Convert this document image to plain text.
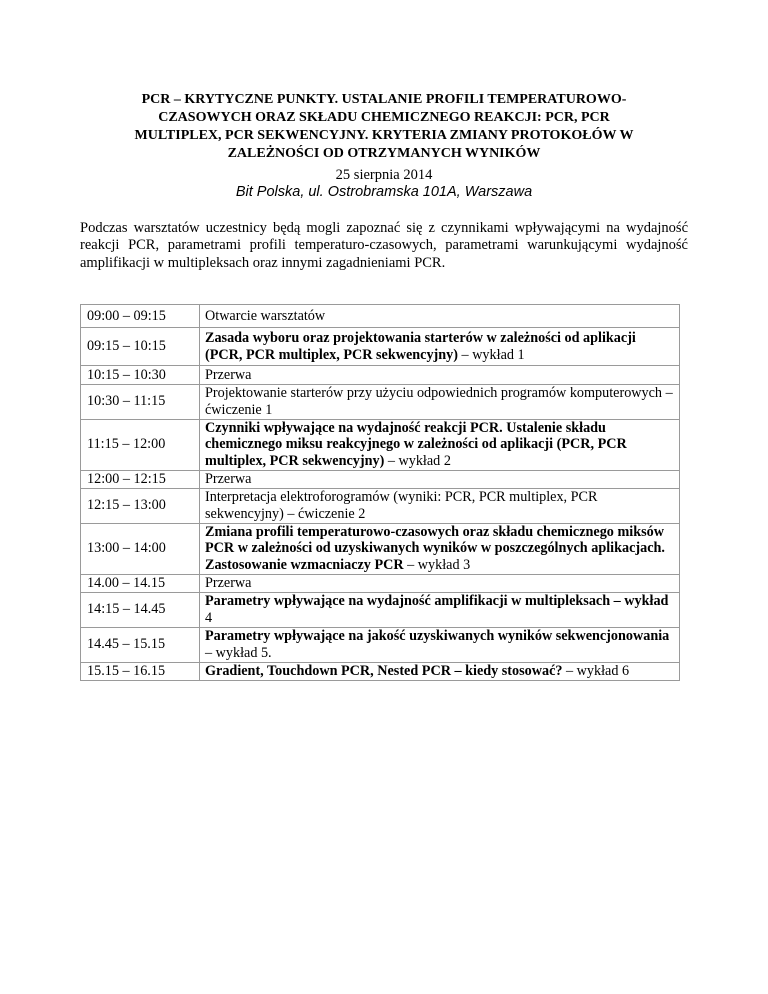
PCR – KRYTYCZNE PUNKTY. USTALANIE PROFILI TEMPERATUROWO-
CZASOWYCH ORAZ SKŁADU CHEMICZNEGO REAKCJI: PCR, PCR
MULTIPLEX, PCR SEKWENCYJNY. KRYTERIA ZMIANY PROTOKOŁÓW W
ZALEŻNOŚCI OD OTRZYMANYCH WYNIKÓW
25 sierpnia 2014
Bit Polska, ul. Ostrobramska 101A, Warszawa

Podczas warsztatów uczestnicy będą mogli zapoznać się z czynnikami wpływającymi na wydajność reakcji PCR, parametrami profili temperaturo-czasowych, parametrami warunkującymi wydajność amplifikacji w multipleksach oraz innymi zagadnieniami PCR.

09:00 – 09:15	Otwarcie warsztatów
09:15 – 10:15	Zasada wyboru oraz projektowania starterów w zależności od aplikacji (PCR, PCR multiplex, PCR sekwencyjny) – wykład 1
10:15 – 10:30	Przerwa
10:30 – 11:15	Projektowanie starterów przy użyciu odpowiednich programów komputerowych – ćwiczenie 1
11:15 – 12:00	Czynniki wpływające na wydajność reakcji PCR. Ustalenie składu chemicznego miksu reakcyjnego w zależności od aplikacji (PCR, PCR multiplex, PCR sekwencyjny) – wykład 2
12:00 – 12:15	Przerwa
12:15 – 13:00	Interpretacja elektroforogramów (wyniki: PCR, PCR multiplex, PCR sekwencyjny) – ćwiczenie 2
13:00 – 14:00	Zmiana profili temperaturowo-czasowych oraz składu chemicznego miksów PCR w zależności od uzyskiwanych wyników w poszczególnych aplikacjach. Zastosowanie wzmacniaczy PCR – wykład 3
14.00 – 14.15	Przerwa
14:15 – 14.45	Parametry wpływające na wydajność amplifikacji w multipleksach – wykład 4
14.45 – 15.15	Parametry wpływające na jakość uzyskiwanych wyników sekwencjonowania – wykład 5.
15.15 – 16.15	Gradient, Touchdown PCR, Nested PCR – kiedy stosować? – wykład 6
